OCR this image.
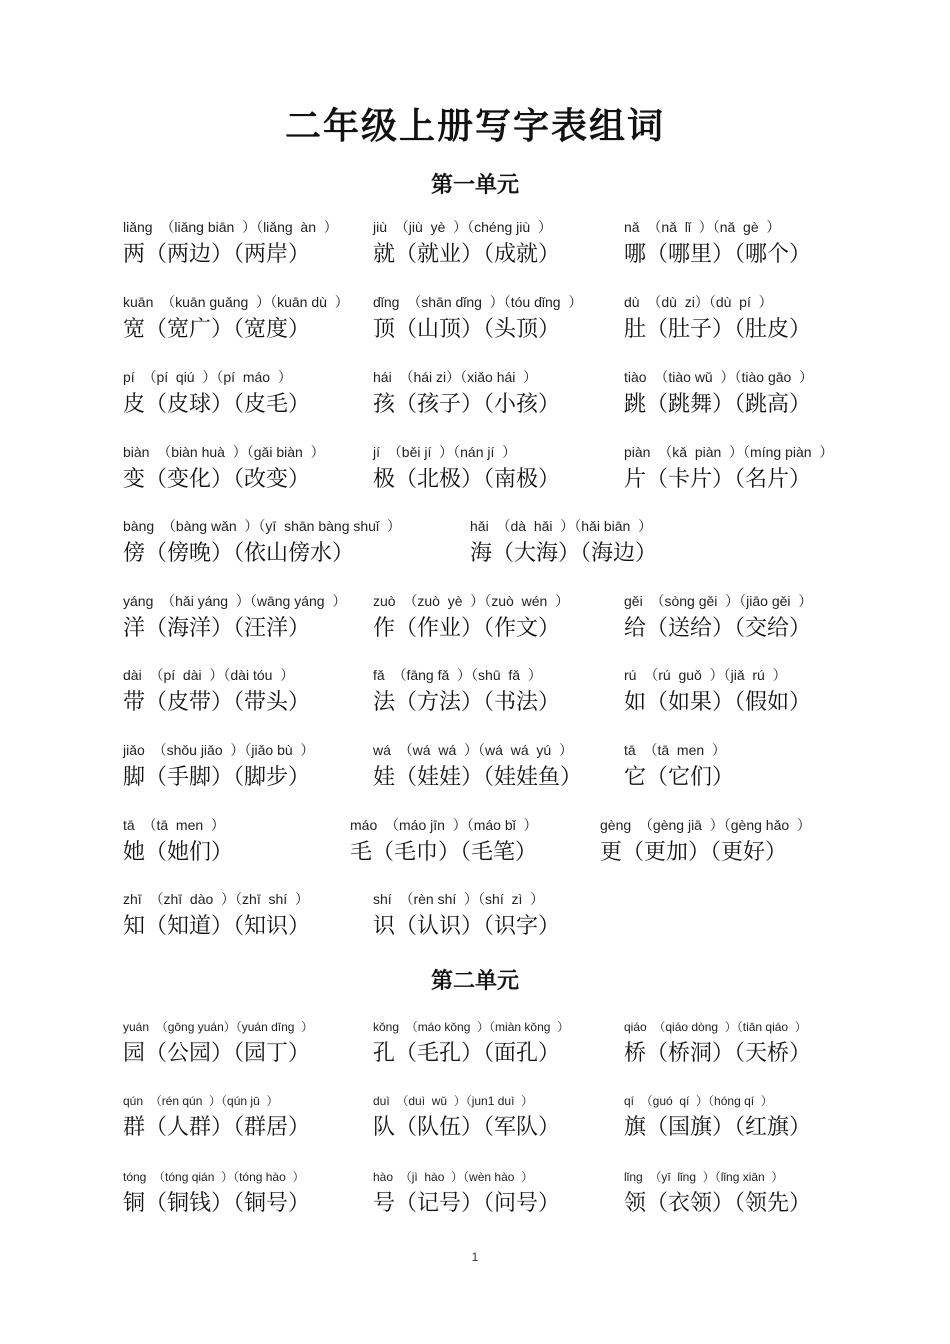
二年级上册写字表组词
第一单元
liǎng  （liǎng biān  ）（liǎng  àn  ）
两（两边）（两岸）
jiù  （jiù  yè  ）（chéng jiù  ）
就（就业）（成就）
nǎ  （nǎ  lǐ  ）（nǎ  gè  ）
哪（哪里）（哪个）
kuān  （kuān guǎng  ）（kuān dù  ）
宽（宽广）（宽度）
dǐng  （shān dǐng  ）（tóu dǐng  ）
顶（山顶）（头顶）
dù  （dù  zi）（dù  pí  ）
肚（肚子）（肚皮）
pí  （pí  qiú  ）（pí  máo  ）
皮（皮球）（皮毛）
hái  （hái zi）（xiǎo hái  ）
孩（孩子）（小孩）
tiào  （tiào wǔ  ）（tiào gāo  ）
跳（跳舞）（跳高）
biàn  （biàn huà  ）（gǎi biàn  ）
变（变化）（改变）
jí  （běi jí  ）（nán jí  ）
极（北极）（南极）
piàn  （kǎ  piàn  ）（míng piàn  ）
片（卡片）（名片）
bàng  （bàng wǎn  ）（yī  shān bàng shuǐ  ）
傍（傍晚）（依山傍水）
hǎi  （dà  hǎi  ）（hǎi biān  ）
海（大海）（海边）
yáng  （hǎi yáng  ）（wāng yáng  ）
洋（海洋）（汪洋）
zuò  （zuò  yè  ）（zuò  wén  ）
作（作业）（作文）
gěi  （sòng gěi  ）（jiāo gěi  ）
给（送给）（交给）
dài  （pí  dài  ）（dài tóu  ）
带（皮带）（带头）
fǎ  （fāng fǎ  ）（shū  fǎ  ）
法（方法）（书法）
rú  （rú  guǒ  ）（jiǎ  rú  ）
如（如果）（假如）
jiǎo  （shǒu jiǎo  ）（jiǎo bù  ）
脚（手脚）（脚步）
wá  （wá  wá  ）（wá  wá  yú  ）
娃（娃娃）（娃娃鱼）
tā  （tā  men  ）
它（它们）
tā  （tā  men  ）
她（她们）
máo  （máo jīn  ）（máo bǐ  ）
毛（毛巾）（毛笔）
gèng  （gèng jiā  ）（gèng hǎo  ）
更（更加）（更好）
zhī  （zhī  dào  ）（zhī  shí  ）
知（知道）（知识）
shí  （rèn shí  ）（shí  zì  ）
识（认识）（识字）
第二单元
yuán  （gōng yuán）（yuán dīng  ）
园（公园）（园丁）
kǒng  （máo kǒng  ）（miàn kǒng  ）
孔（毛孔）（面孔）
qiáo  （qiáo dòng  ）（tiān qiáo  ）
桥（桥洞）（天桥）
qún  （rén qún  ）（qún jū  ）
群（人群）（群居）
duì  （duì  wǔ  ）（jun1 duì  ）
队（队伍）（军队）
qí  （guó  qí  ）（hóng qí  ）
旗（国旗）（红旗）
tóng  （tóng qián  ）（tóng hào  ）
铜（铜钱）（铜号）
hào  （jì  hào  ）（wèn hào  ）
号（记号）（问号）
lǐng  （yī  lǐng  ）（lǐng xiān  ）
领（衣领）（领先）
1
